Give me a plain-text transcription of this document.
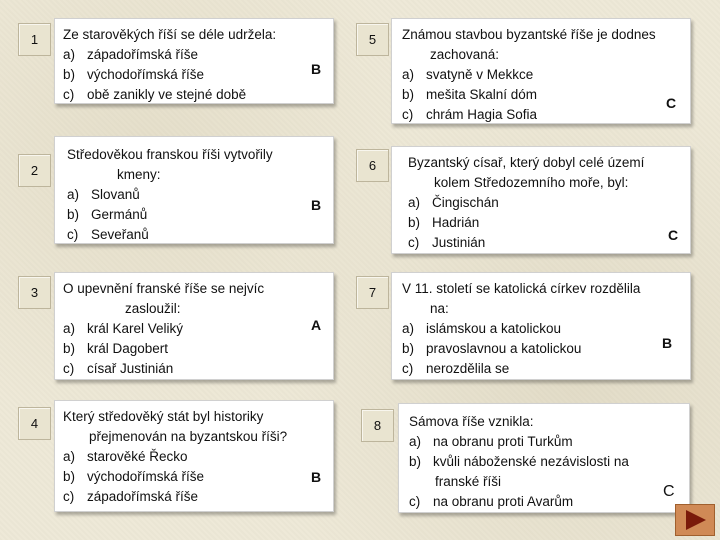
1	Ze starověkých říší se déle udržela:
a) západořímská říše
b) východořímská říše
c) obě zanikly ve stejné době
B
2
Středověkou franskou říši vytvořily
kmeny:
a) Slovanů
b) Germánů
c) Seveřanů
B
3	O upevnění franské říše se nejvíc
zasloužil:
a) král Karel Veliký
b) král Dagobert
c) císař Justinián
A
4	Který středověký stát byl historiky
přejmenován na byzantskou říši?
a) starověké Řecko
b) východořímská říše
c) západořímská říše
B
5	Známou stavbou byzantské říše je dodnes
zachovaná:
a) svatyně v Mekkce
b) mešita Skalní dóm
c) chrám Hagia Sofia
C
6	Byzantský císař, který dobyl celé území
kolem Středozemního moře, byl:
a) Čingischán
b) Hadrián
c) Justinián	C
7	V 11. století se katolická církev rozdělila
na:
a) islámskou a katolickou
b) pravoslavnou a katolickou
c) nerozdělila se
B
8	Sámova říše vznikla:
a) na obranu proti Turkům
b) kvůli náboženské nezávislosti na
franské říši
c) na obranu proti Avarům
C
